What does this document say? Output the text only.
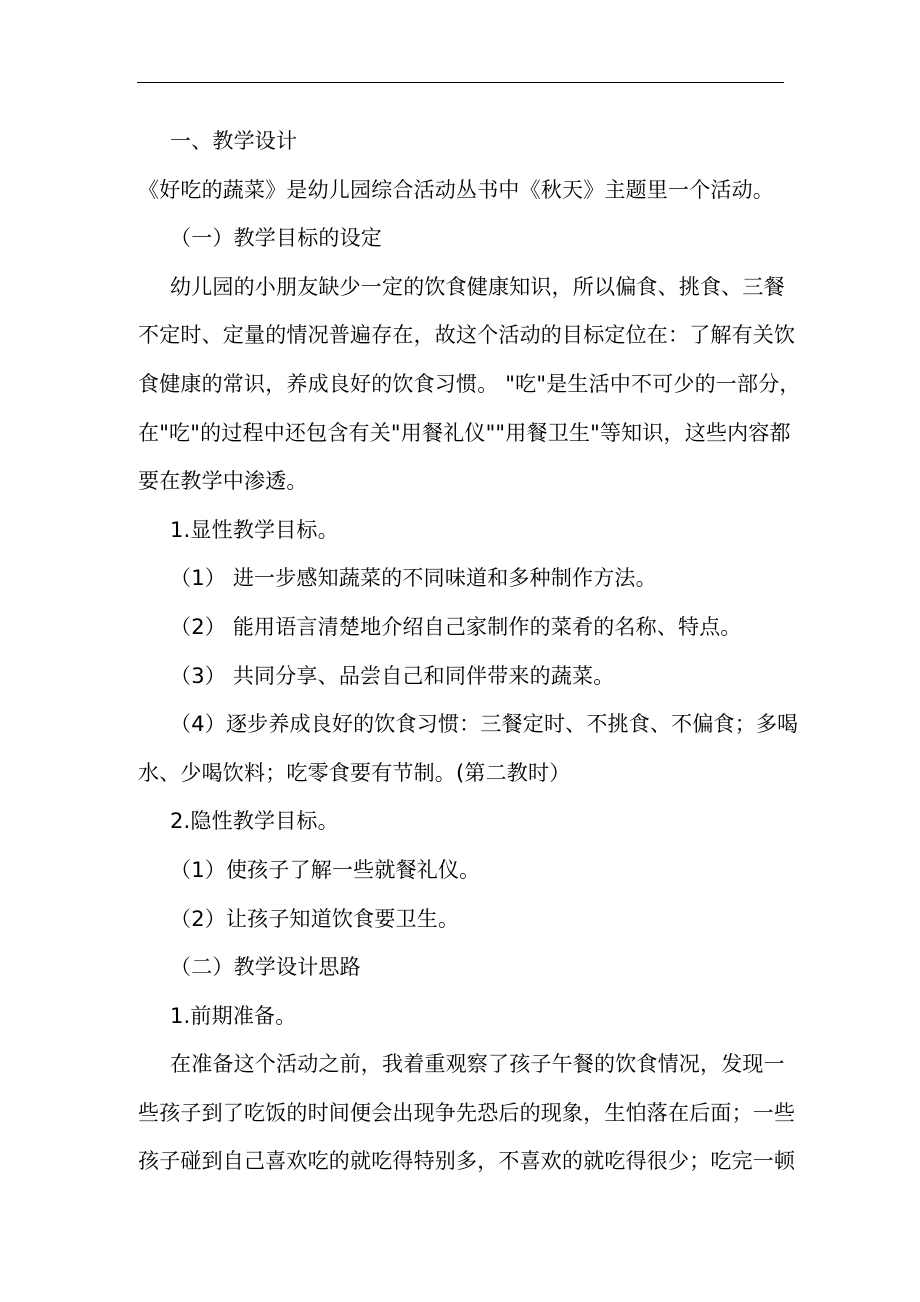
一、教学设计

《好吃的蔬菜》是幼儿园综合活动丛书中《秋天》主题里一个活动。

（一）教学目标的设定

幼儿园的小朋友缺少一定的饮食健康知识，所以偏食、挑食、三餐
不定时、定量的情况普遍存在，故这个活动的目标定位在：了解有关饮
食健康的常识，养成良好的饮食习惯。 "吃"是生活中不可少的一部分，
在"吃"的过程中还包含有关"用餐礼仪""用餐卫生"等知识，这些内容都
要在教学中渗透。

1.显性教学目标。

（1） 进一步感知蔬菜的不同味道和多种制作方法。

（2） 能用语言清楚地介绍自己家制作的菜肴的名称、特点。

（3） 共同分享、品尝自己和同伴带来的蔬菜。

（4）逐步养成良好的饮食习惯：三餐定时、不挑食、不偏食；多喝
水、少喝饮料；吃零食要有节制。(第二教时）

2.隐性教学目标。

（1）使孩子了解一些就餐礼仪。

（2）让孩子知道饮食要卫生。

（二）教学设计思路

1.前期准备。

在准备这个活动之前，我着重观察了孩子午餐的饮食情况，发现一
些孩子到了吃饭的时间便会出现争先恐后的现象，生怕落在后面；一些
孩子碰到自己喜欢吃的就吃得特别多，不喜欢的就吃得很少；吃完一顿
